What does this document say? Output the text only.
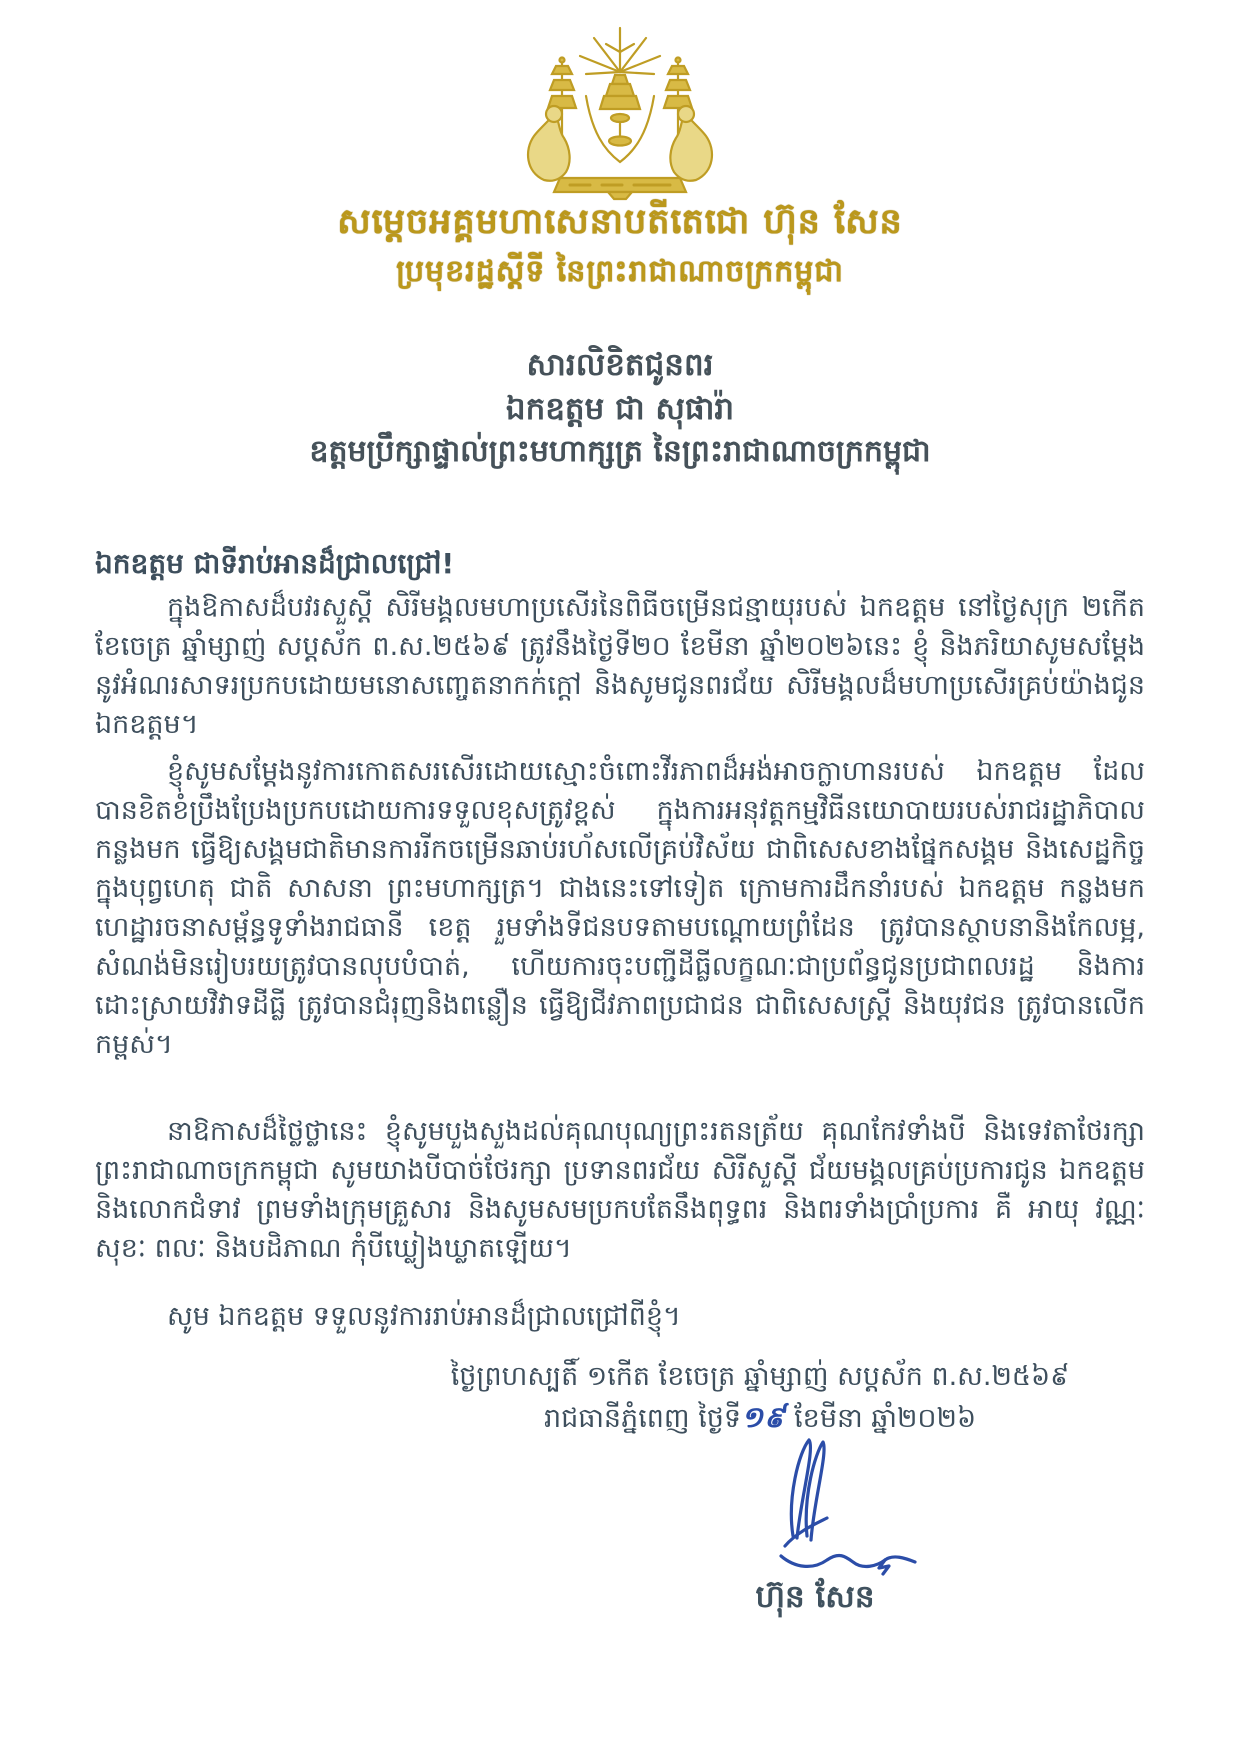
សម្តេចអគ្គមហាសេនាបតីតេជោ ហ៊ុន សែន
ប្រមុខរដ្ឋស្តីទី នៃព្រះរាជាណាចក្រកម្ពុជា
សារលិខិតជូនពរ
ឯកឧត្តម ជា សុផារ៉ា
ឧត្តមប្រឹក្សាផ្ទាល់ព្រះមហាក្សត្រ នៃព្រះរាជាណាចក្រកម្ពុជា
ឯកឧត្តម ជាទីរាប់អានដ៏ជ្រាលជ្រៅ!
ក្នុងឱកាសដ៏បវរសួស្ដី សិរីមង្គលមហាប្រសើរនៃពិធីចម្រើនជន្មាយុរបស់ ឯកឧត្តម នៅថ្ងៃសុក្រ ២កើត
ខែចេត្រ ឆ្នាំម្សាញ់ សប្តស័ក ព.ស.២៥៦៩ ត្រូវនឹងថ្ងៃទី២០ ខែមីនា ឆ្នាំ២០២៦នេះ ខ្ញុំ និងភរិយាសូមសម្តែង
នូវអំណរសាទរប្រកបដោយមនោសញ្ចេតនាកក់ក្តៅ និងសូមជូនពរជ័យ សិរីមង្គលដ៏មហាប្រសើរគ្រប់យ៉ាងជូន
ឯកឧត្តម។
ខ្ញុំសូមសម្តែងនូវការកោតសរសើរដោយស្មោះចំពោះវីរភាពដ៏អង់អាចក្លាហានរបស់ ឯកឧត្តម ដែល
បានខិតខំប្រឹងប្រែងប្រកបដោយការទទួលខុសត្រូវខ្ពស់ ក្នុងការអនុវត្តកម្មវិធីនយោបាយរបស់រាជរដ្ឋាភិបាល
កន្លងមក ធ្វើឱ្យសង្គមជាតិមានការរីកចម្រើនឆាប់រហ័សលើគ្រប់វិស័យ ជាពិសេសខាងផ្នែកសង្គម និងសេដ្ឋកិច្ច
ក្នុងបុព្វហេតុ ជាតិ សាសនា ព្រះមហាក្សត្រ។ ជាងនេះទៅទៀត ក្រោមការដឹកនាំរបស់ ឯកឧត្តម កន្លងមក
ហេដ្ឋារចនាសម្ព័ន្ធទូទាំងរាជធានី ខេត្ត រួមទាំងទីជនបទតាមបណ្ដោយព្រំដែន ត្រូវបានស្ថាបនានិងកែលម្អ,
សំណង់មិនរៀបរយត្រូវបានលុបបំបាត់, ហើយការចុះបញ្ជីដីធ្លីលក្ខណៈជាប្រព័ន្ធជូនប្រជាពលរដ្ឋ និងការ
ដោះស្រាយវិវាទដីធ្លី ត្រូវបានជំរុញនិងពន្លឿន ធ្វើឱ្យជីវភាពប្រជាជន ជាពិសេសស្ត្រី និងយុវជន ត្រូវបានលើក
កម្ពស់។
នាឱកាសដ៏ថ្លៃថ្លានេះ ខ្ញុំសូមបួងសួងដល់គុណបុណ្យព្រះរតនត្រ័យ គុណកែវទាំងបី និងទេវតាថែរក្សា
ព្រះរាជាណាចក្រកម្ពុជា សូមយាងបីបាច់ថែរក្សា ប្រទានពរជ័យ សិរីសួស្ដី ជ័យមង្គលគ្រប់ប្រការជូន ឯកឧត្តម
និងលោកជំទាវ ព្រមទាំងក្រុមគ្រួសារ និងសូមសមប្រកបតែនឹងពុទ្ធពរ និងពរទាំងប្រាំប្រការ គឺ អាយុ វណ្ណៈ
សុខៈ ពលៈ និងបដិភាណ កុំបីឃ្លៀងឃ្លាតឡើយ។
សូម ឯកឧត្តម ទទួលនូវការរាប់អានដ៏ជ្រាលជ្រៅពីខ្ញុំ។
ថ្ងៃព្រហស្បតិ៍ ១កើត ខែចេត្រ ឆ្នាំម្សាញ់ សប្តស័ក ព.ស.២៥៦៩
រាជធានីភ្នំពេញ ថ្ងៃទី១៩ ខែមីនា ឆ្នាំ២០២៦
ហ៊ុន សែន
